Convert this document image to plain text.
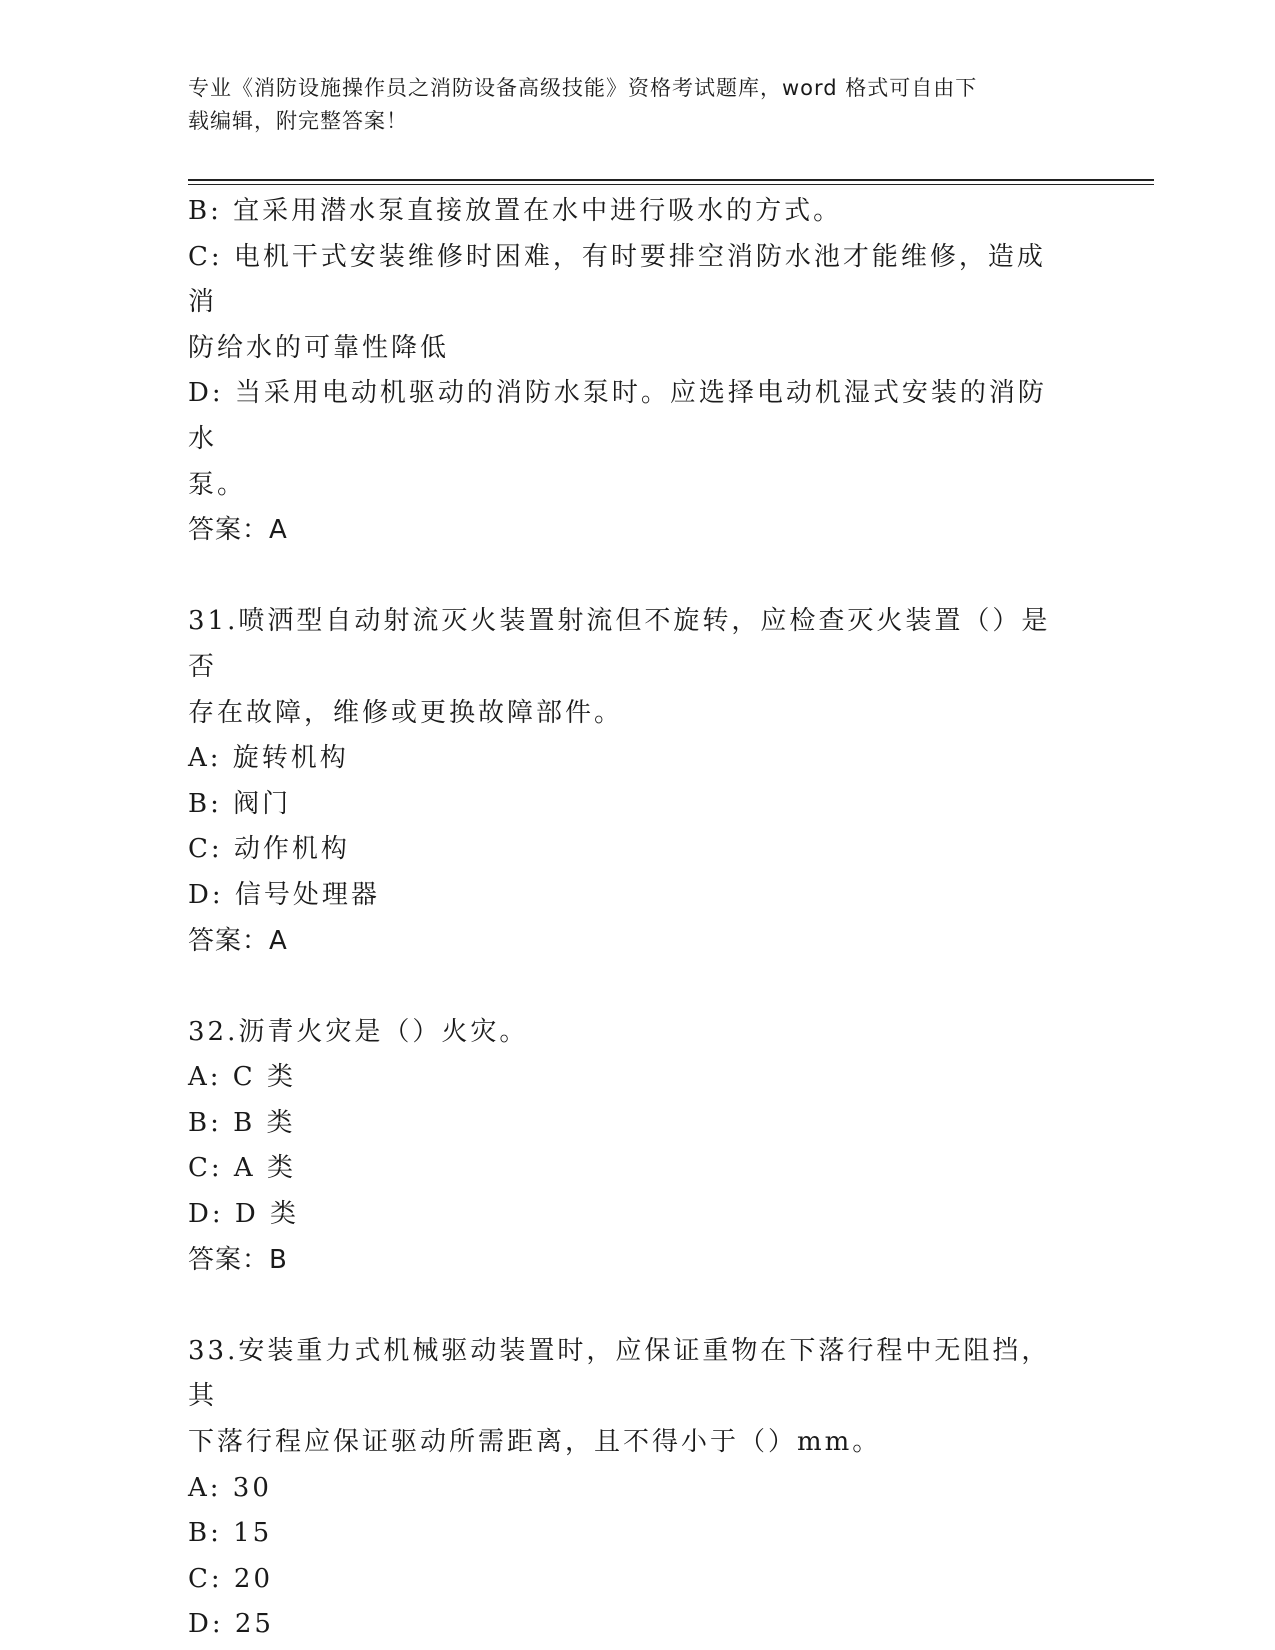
专业《消防设施操作员之消防设备高级技能》资格考试题库，word 格式可自由下
载编辑，附完整答案！

B: 宜采用潜水泵直接放置在水中进行吸水的方式。

C: 电机干式安装维修时困难，有时要排空消防水池才能维修，造成消

防给水的可靠性降低

D: 当采用电动机驱动的消防水泵时。应选择电动机湿式安装的消防水

泵。

答案：A

31.喷洒型自动射流灭火装置射流但不旋转，应检查灭火装置（）是否

存在故障，维修或更换故障部件。

A: 旋转机构

B: 阀门

C: 动作机构

D: 信号处理器

答案：A

32.沥青火灾是（）火灾。

A: C 类

B: B 类

C: A 类

D: D 类

答案：B

33.安装重力式机械驱动装置时，应保证重物在下落行程中无阻挡，其

下落行程应保证驱动所需距离，且不得小于（）mm。

A: 30

B: 15

C: 20

D: 25
